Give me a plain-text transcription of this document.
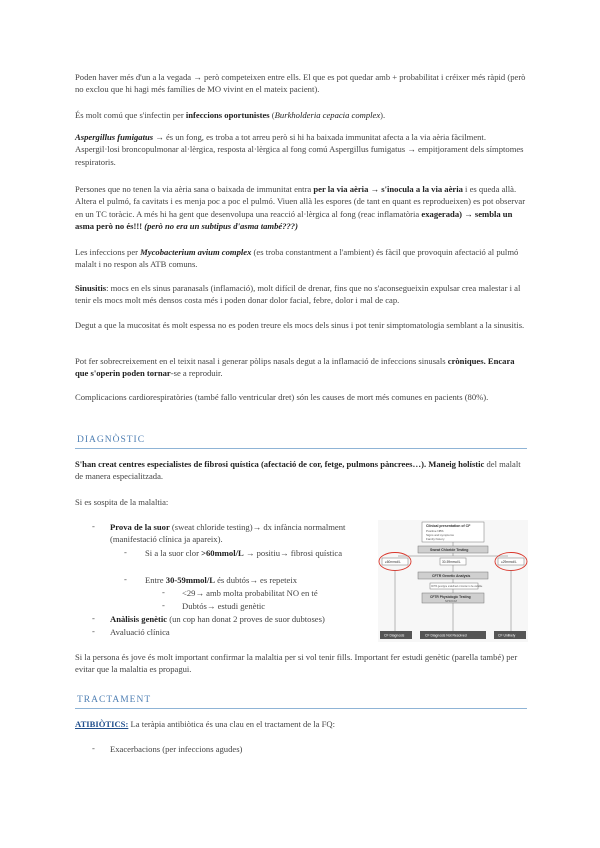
Poden haver més d'un a la vegada → però competeixen entre ells. El que es pot quedar amb + probabilitat i créixer més ràpid (però no exclou que hi hagi més famílies de MO vivint en el mateix pacient).

És molt comú que s'infectin per infeccions oportunistes (Burkholderia cepacia complex).

Aspergillus fumigatus → és un fong, es troba a tot arreu però si hi ha baixada immunitat afecta a la via aèria fàcilment. Aspergil·losi broncopulmonar al·lèrgica, resposta al·lèrgica al fong comú Aspergillus fumigatus → empitjorament dels símptomes respiratoris.

Persones que no tenen la via aèria sana o baixada de immunitat entra per la via aèria → s'inocula a la via aèria i es queda allà. Altera el pulmó, fa cavitats i es menja poc a poc el pulmó. Viuen allà les espores (de tant en quant es reprodueixen) es pot observar en un TC toràcic. A més hi ha gent que desenvolupa una reacció al·lèrgica al fong (reac inflamatòria exagerada) → sembla un asma però no és!!! (però no era un subtipus d'asma també???)

Les infeccions per Mycobacterium avium complex (es troba constantment a l'ambient) és fàcil que provoquin afectació al pulmó malalt i no respon als ATB comuns.

Sinusitis: mocs en els sinus paranasals (inflamació), molt difícil de drenar, fins que no s'aconsegueixin expulsar crea malestar i al tenir els mocs molt més densos costa més i poden donar dolor facial, febre, dolor i mal de cap.

Degut a que la mucositat és molt espessa no es poden treure els mocs dels sinus i pot tenir simptomatologia semblant a la sinusitis.

Pot fer sobrecreixement en el teixit nasal i generar pòlips nasals degut a la inflamació de infeccions sinusals cròniques. Encara que s'operin poden tornar-se a reproduir.

Complicacions cardiorespiratòries (també fallo ventricular dret) són les causes de mort més comunes en pacients (80%).

DIAGNÒSTIC

S'han creat centres especialistes de fibrosi quística (afectació de cor, fetge, pulmons pàncrees…). Maneig holístic del malalt de manera especialitzada.

Si es sospita de la malaltia:

- Prova de la suor (sweat chloride testing)→ dx infància normalment (manifestació clínica ja apareix).

- Si a la suor clor >60mmol/L → positiu→ fibrosi quística

- Entre 30-59mmol/L és dubtós→ es repeteix

- <29→ amb molta probabilitat NO en té

- Dubtós→ estudi genètic

- Anàlisis genètic (un cop han donat 2 proves de suor dubtoses)

- Avaluació clínica

Clinical presentation of CF
Positive NBS
Signs and symptoms
Family history
Sweat Chloride Testing
≥60mmol/L	30-59mmol/L	≤29mmol/L
CFTR Genetic Analysis
CFTR genotype undefined or known to be variable
CFTR Physiologic Testing
NPD/ICM
CF Diagnosis	CF Diagnosis Not Resolved	CF Unlikely

Si la persona és jove és molt important confirmar la malaltia per si vol tenir fills. Important fer estudi genètic (parella també) per evitar que la malaltia es propagui.

TRACTAMENT

ATIBIÒTICS: La teràpia antibiòtica és una clau en el tractament de la FQ:

- Exacerbacions (per infeccions agudes)
